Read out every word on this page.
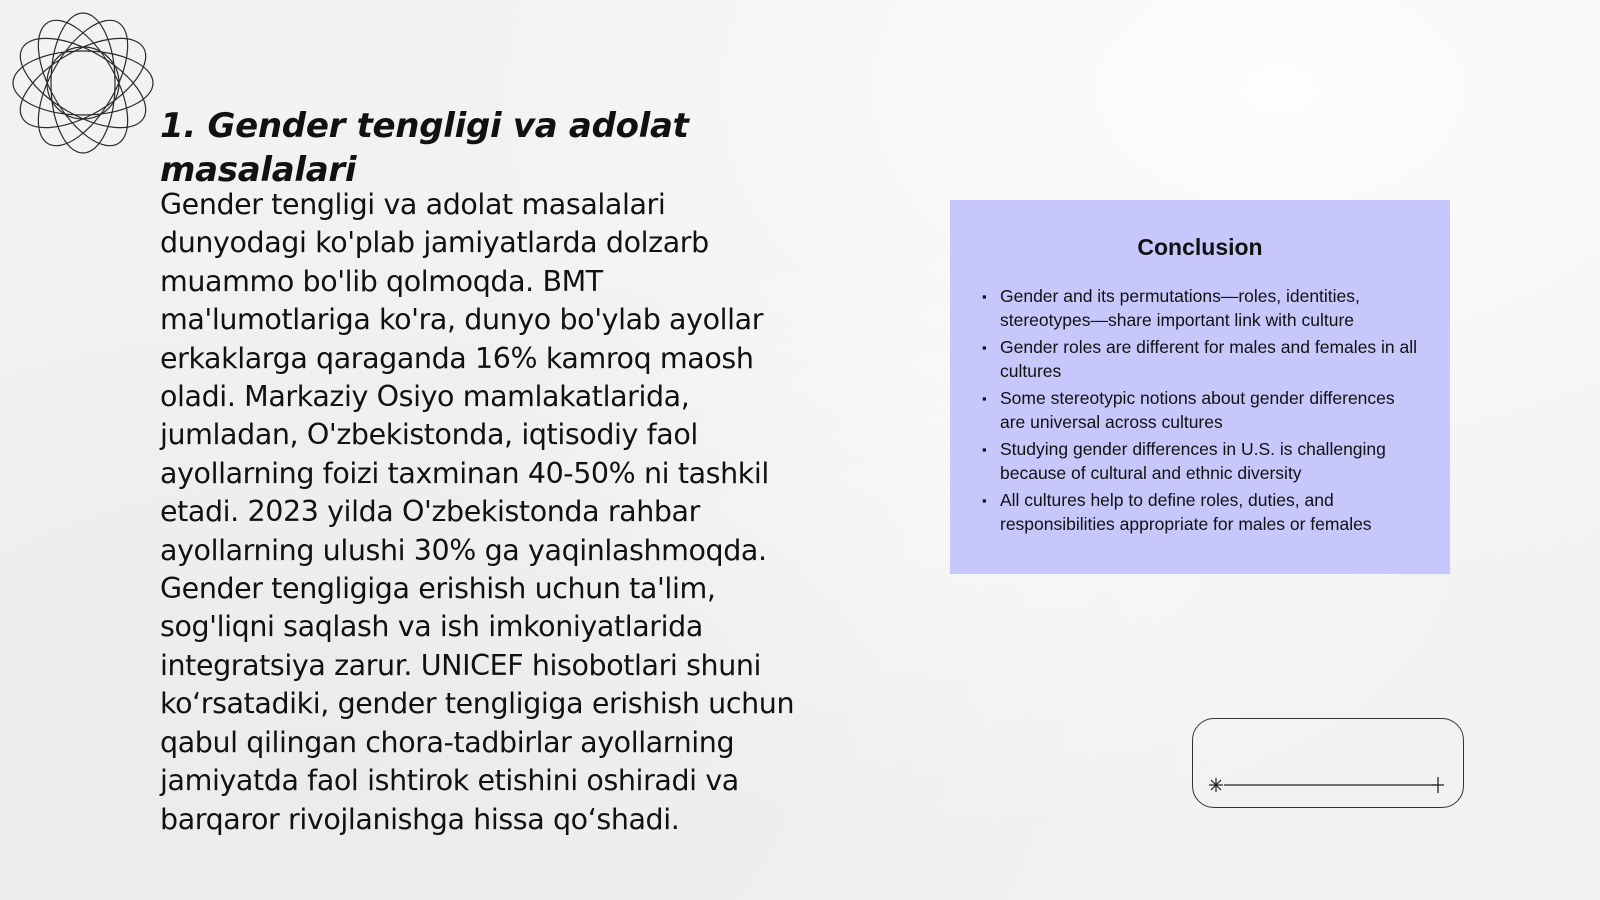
1. Gender tengligi va adolat masalalari

Gender tengligi va adolat masalalari dunyodagi ko'plab jamiyatlarda dolzarb muammo bo'lib qolmoqda. BMT ma'lumotlariga ko'ra, dunyo bo'ylab ayollar erkaklarga qaraganda 16% kamroq maosh oladi. Markaziy Osiyo mamlakatlarida, jumladan, O'zbekistonda, iqtisodiy faol ayollarning foizi taxminan 40-50% ni tashkil etadi. 2023 yilda O'zbekistonda rahbar ayollarning ulushi 30% ga yaqinlashmoqda. Gender tengligiga erishish uchun ta'lim, sog'liqni saqlash va ish imkoniyatlarida integratsiya zarur. UNICEF hisobotlari shuni ko‘rsatadiki, gender tengligiga erishish uchun qabul qilingan chora-tadbirlar ayollarning jamiyatda faol ishtirok etishini oshiradi va barqaror rivojlanishga hissa qo‘shadi.

Conclusion
▪ Gender and its permutations—roles, identities, stereotypes—share important link with culture
▪ Gender roles are different for males and females in all cultures
▪ Some stereotypic notions about gender differences are universal across cultures
▪ Studying gender differences in U.S. is challenging because of cultural and ethnic diversity
▪ All cultures help to define roles, duties, and responsibilities appropriate for males or females
